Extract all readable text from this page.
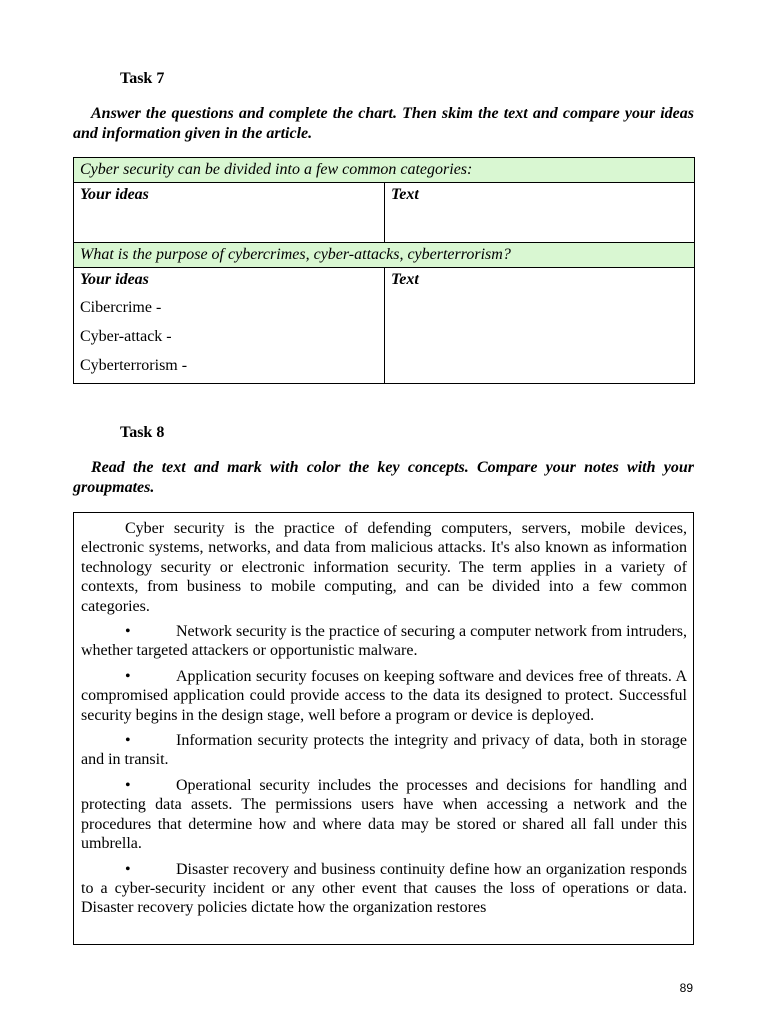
Task 7
Answer the questions and complete the chart. Then skim the text and compare your ideas and information given in the article.
Cyber security can be divided into a few common categories:	
Your ideas	Text
What is the purpose of cybercrimes, cyber-attacks, cyberterrorism?	

Your ideas
Cibercrime -
Cyber-attack -
Cyberterrorism -	Text
Task 8
Read the text and mark with color the key concepts. Compare your notes with your groupmates.

Cyber security is the practice of defending computers, servers, mobile devices, electronic systems, networks, and data from malicious attacks. It's also known as information technology security or electronic information security. The term applies in a variety of contexts, from business to mobile computing, and can be divided into a few common categories.

•	Network security is the practice of securing a computer network from intruders, whether targeted attackers or opportunistic malware.

•	Application security focuses on keeping software and devices free of threats. A compromised application could provide access to the data its designed to protect. Successful security begins in the design stage, well before a program or device is deployed.

•	Information security protects the integrity and privacy of data, both in storage and in transit.

•	Operational security includes the processes and decisions for handling and protecting data assets. The permissions users have when accessing a network and the procedures that determine how and where data may be stored or shared all fall under this umbrella.

•	Disaster recovery and business continuity define how an organization responds to a cyber-security incident or any other event that causes the loss of operations or data. Disaster recovery policies dictate how the organization restores

89
